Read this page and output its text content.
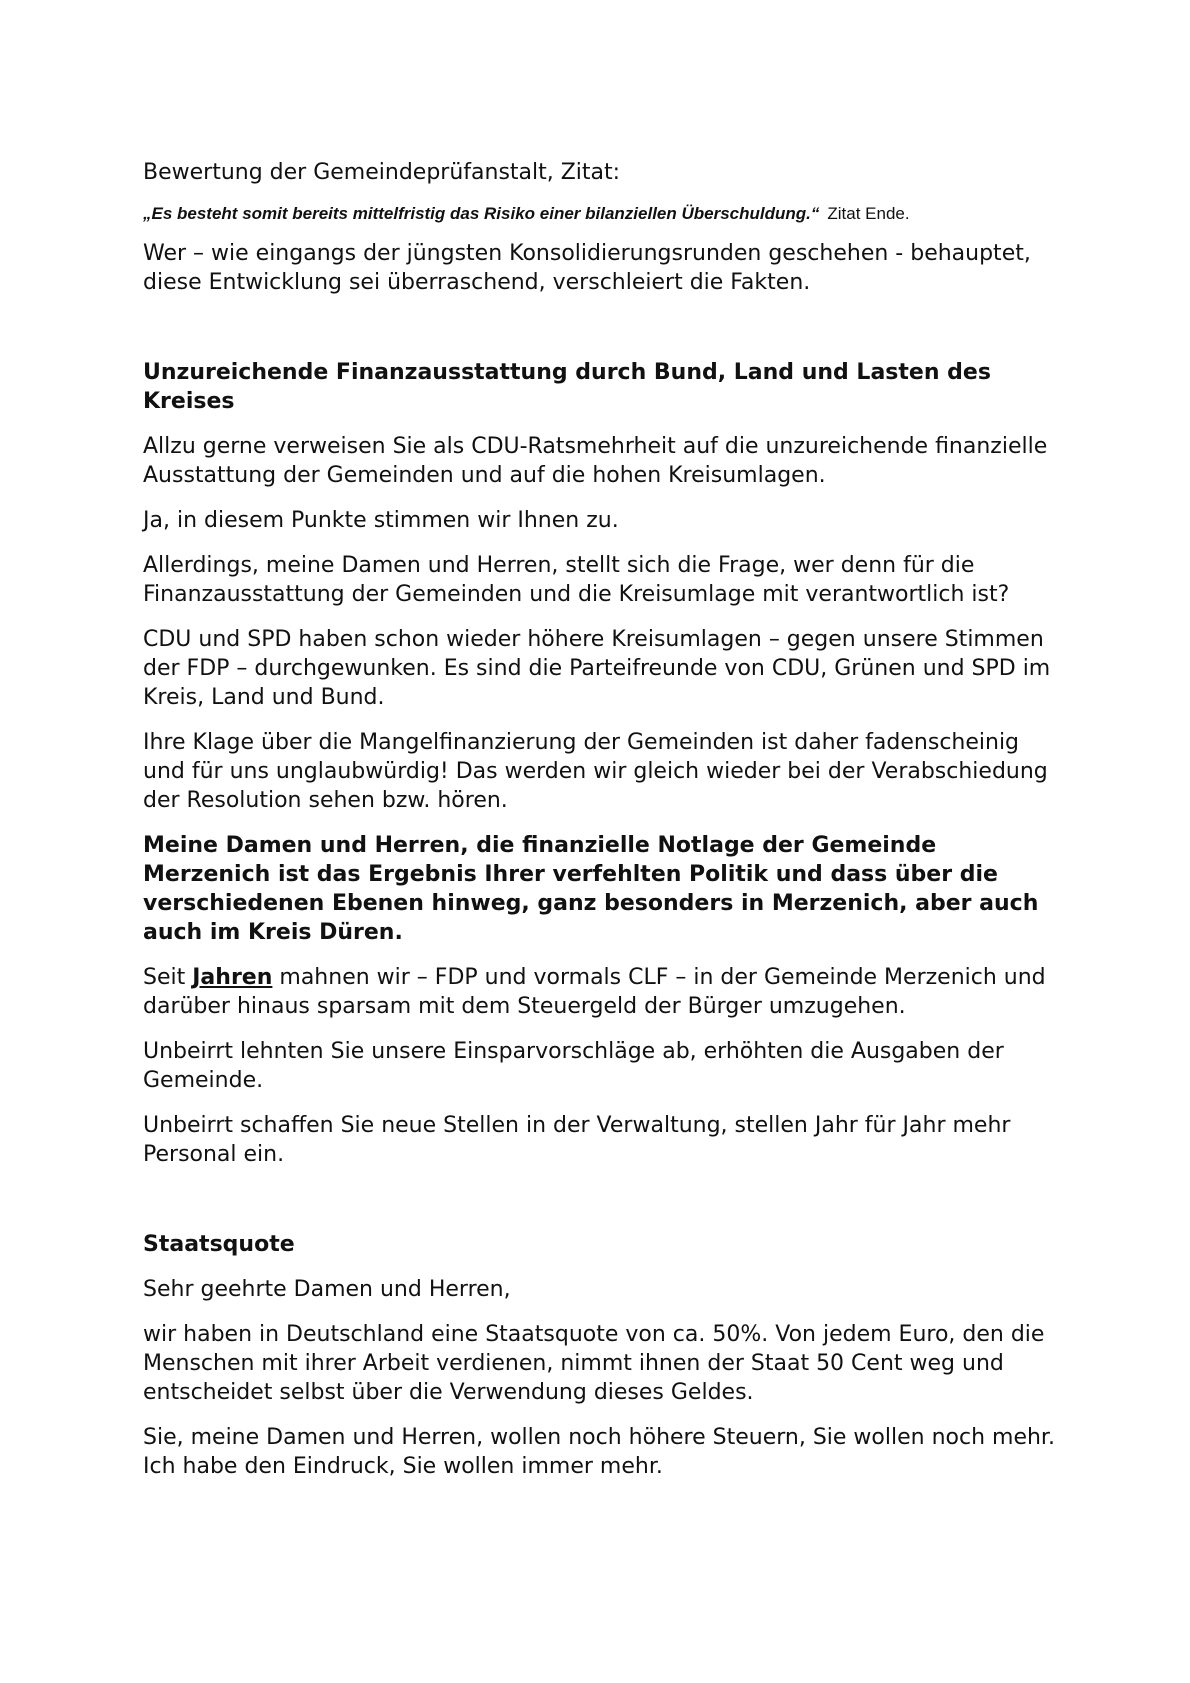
Bewertung der Gemeindeprüfanstalt, Zitat:

„Es besteht somit bereits mittelfristig das Risiko einer bilanziellen Überschuldung.“ Zitat Ende.

Wer – wie eingangs der jüngsten Konsolidierungsrunden geschehen - behauptet, diese Entwicklung sei überraschend, verschleiert die Fakten.

Unzureichende Finanzausstattung durch Bund, Land und Lasten des Kreises

Allzu gerne verweisen Sie als CDU-Ratsmehrheit auf die unzureichende finanzielle Ausstattung der Gemeinden und auf die hohen Kreisumlagen.

Ja, in diesem Punkte stimmen wir Ihnen zu.

Allerdings, meine Damen und Herren, stellt sich die Frage, wer denn für die Finanzausstattung der Gemeinden und die Kreisumlage mit verantwortlich ist?

CDU und SPD haben schon wieder höhere Kreisumlagen – gegen unsere Stimmen der FDP – durchgewunken. Es sind die Parteifreunde von CDU, Grünen und SPD im Kreis, Land und Bund.

Ihre Klage über die Mangelfinanzierung der Gemeinden ist daher fadenscheinig und für uns unglaubwürdig! Das werden wir gleich wieder bei der Verabschiedung der Resolution sehen bzw. hören.

Meine Damen und Herren, die finanzielle Notlage der Gemeinde Merzenich ist das Ergebnis Ihrer verfehlten Politik und dass über die verschiedenen Ebenen hinweg, ganz besonders in Merzenich, aber auch auch im Kreis Düren.

Seit Jahren mahnen wir – FDP und vormals CLF – in der Gemeinde Merzenich und darüber hinaus sparsam mit dem Steuergeld der Bürger umzugehen.

Unbeirrt lehnten Sie unsere Einsparvorschläge ab, erhöhten die Ausgaben der Gemeinde.

Unbeirrt schaffen Sie neue Stellen in der Verwaltung, stellen Jahr für Jahr mehr Personal ein.

Staatsquote

Sehr geehrte Damen und Herren,

wir haben in Deutschland eine Staatsquote von ca. 50%. Von jedem Euro, den die Menschen mit ihrer Arbeit verdienen, nimmt ihnen der Staat 50 Cent weg und entscheidet selbst über die Verwendung dieses Geldes.

Sie, meine Damen und Herren, wollen noch höhere Steuern, Sie wollen noch mehr. Ich habe den Eindruck, Sie wollen immer mehr.
